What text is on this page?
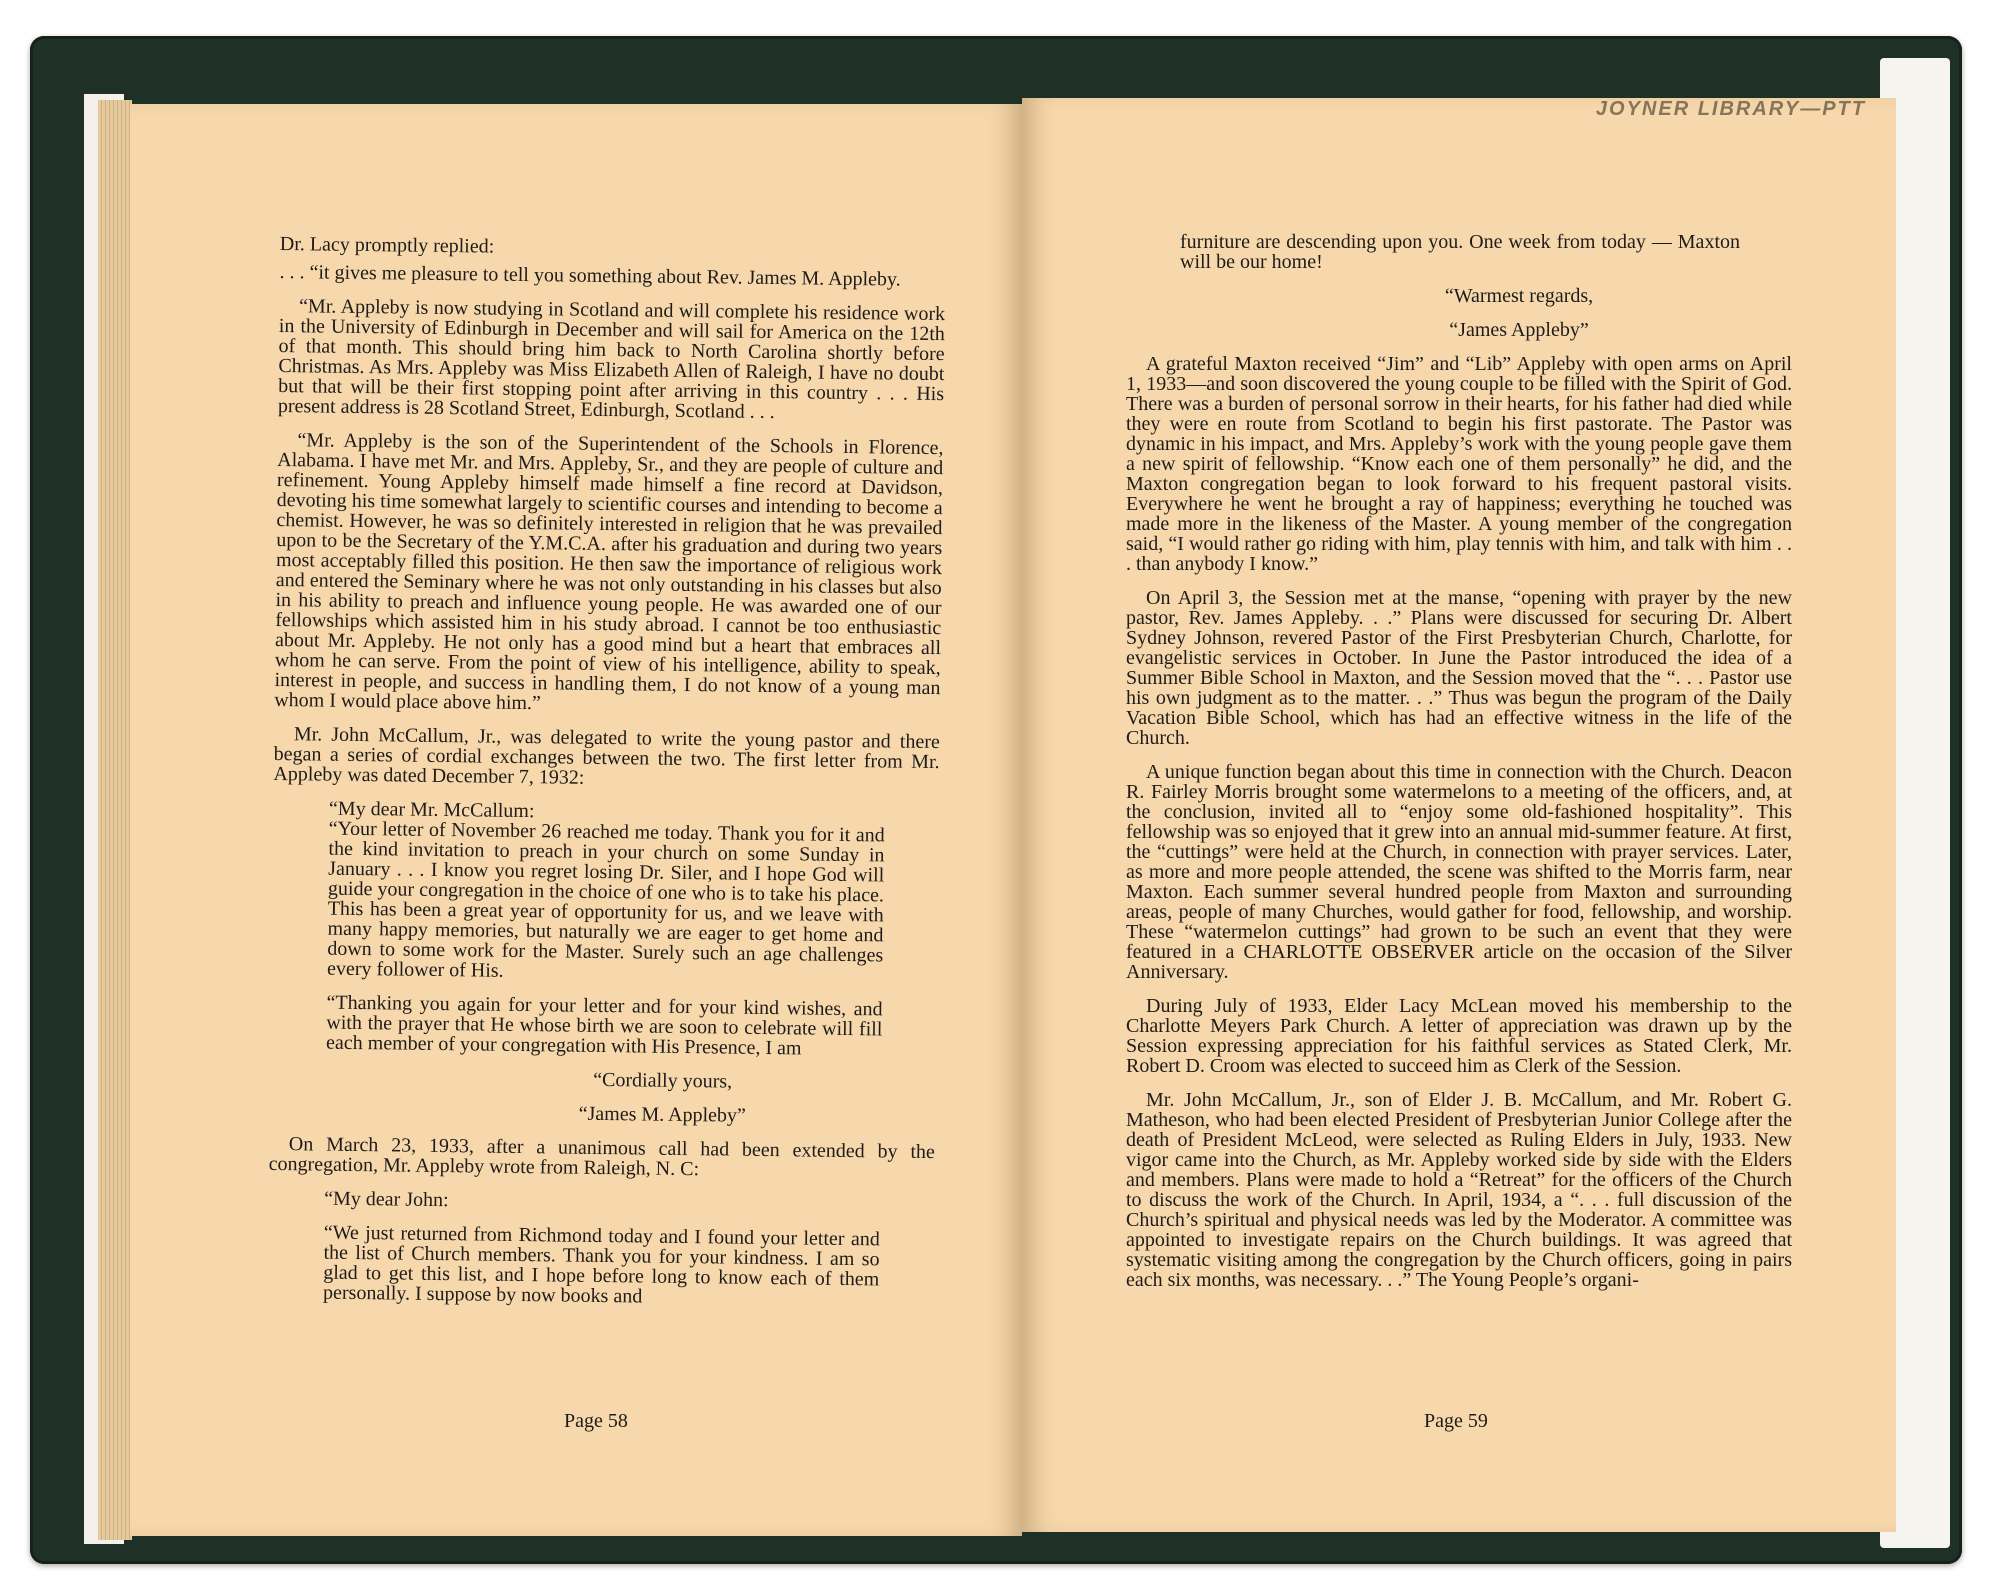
Dr. Lacy promptly replied:

. . . “it gives me pleasure to tell you something about Rev. James M. Appleby.

“Mr. Appleby is now studying in Scotland and will complete his residence work in the University of Edinburgh in December and will sail for America on the 12th of that month. This should bring him back to North Carolina shortly before Christmas. As Mrs. Appleby was Miss Elizabeth Allen of Raleigh, I have no doubt but that will be their first stopping point after arriving in this country . . . His present address is 28 Scotland Street, Edinburgh, Scotland . . .

“Mr. Appleby is the son of the Superintendent of the Schools in Florence, Alabama. I have met Mr. and Mrs. Appleby, Sr., and they are people of culture and refinement. Young Appleby himself made himself a fine record at Davidson, devoting his time somewhat largely to scientific courses and intending to become a chemist. However, he was so definitely interested in religion that he was prevailed upon to be the Secretary of the Y.M.C.A. after his graduation and during two years most acceptably filled this position. He then saw the importance of religious work and entered the Seminary where he was not only outstanding in his classes but also in his ability to preach and influence young people. He was awarded one of our fellowships which assisted him in his study abroad. I cannot be too enthusiastic about Mr. Appleby. He not only has a good mind but a heart that embraces all whom he can serve. From the point of view of his intelligence, ability to speak, interest in people, and success in handling them, I do not know of a young man whom I would place above him.”

Mr. John McCallum, Jr., was delegated to write the young pastor and there began a series of cordial exchanges between the two. The first letter from Mr. Appleby was dated December 7, 1932:

“My dear Mr. McCallum:

“Your letter of November 26 reached me today. Thank you for it and the kind invitation to preach in your church on some Sunday in January . . . I know you regret losing Dr. Siler, and I hope God will guide your congregation in the choice of one who is to take his place. This has been a great year of opportunity for us, and we leave with many happy memories, but naturally we are eager to get home and down to some work for the Master. Surely such an age challenges every follower of His.

“Thanking you again for your letter and for your kind wishes, and with the prayer that He whose birth we are soon to celebrate will fill each member of your congregation with His Presence, I am

“Cordially yours,

“James M. Appleby”

On March 23, 1933, after a unanimous call had been extended by the congregation, Mr. Appleby wrote from Raleigh, N. C:

“My dear John:

“We just returned from Richmond today and I found your letter and the list of Church members. Thank you for your kindness. I am so glad to get this list, and I hope before long to know each of them personally. I suppose by now books and

Page 58
JOYNER LIBRARY—PTT

furniture are descending upon you. One week from today — Maxton will be our home!

“Warmest regards,

“James Appleby”

A grateful Maxton received “Jim” and “Lib” Appleby with open arms on April 1, 1933—and soon discovered the young couple to be filled with the Spirit of God. There was a burden of personal sorrow in their hearts, for his father had died while they were en route from Scotland to begin his first pastorate. The Pastor was dynamic in his impact, and Mrs. Appleby’s work with the young people gave them a new spirit of fellowship. “Know each one of them personally” he did, and the Maxton congregation began to look forward to his frequent pastoral visits. Everywhere he went he brought a ray of happiness; everything he touched was made more in the likeness of the Master. A young member of the congregation said, “I would rather go riding with him, play tennis with him, and talk with him . . . than anybody I know.”

On April 3, the Session met at the manse, “opening with prayer by the new pastor, Rev. James Appleby. . .” Plans were discussed for securing Dr. Albert Sydney Johnson, revered Pastor of the First Presbyterian Church, Charlotte, for evangelistic services in October. In June the Pastor introduced the idea of a Summer Bible School in Maxton, and the Session moved that the “. . . Pastor use his own judgment as to the matter. . .” Thus was begun the program of the Daily Vacation Bible School, which has had an effective witness in the life of the Church.

A unique function began about this time in connection with the Church. Deacon R. Fairley Morris brought some watermelons to a meeting of the officers, and, at the conclusion, invited all to “enjoy some old-fashioned hospitality”. This fellowship was so enjoyed that it grew into an annual mid-summer feature. At first, the “cuttings” were held at the Church, in connection with prayer services. Later, as more and more people attended, the scene was shifted to the Morris farm, near Maxton. Each summer several hundred people from Maxton and surrounding areas, people of many Churches, would gather for food, fellowship, and worship. These “watermelon cuttings” had grown to be such an event that they were featured in a CHARLOTTE OBSERVER article on the occasion of the Silver Anniversary.

During July of 1933, Elder Lacy McLean moved his membership to the Charlotte Meyers Park Church. A letter of appreciation was drawn up by the Session expressing appreciation for his faithful services as Stated Clerk, Mr. Robert D. Croom was elected to succeed him as Clerk of the Session.

Mr. John McCallum, Jr., son of Elder J. B. McCallum, and Mr. Robert G. Matheson, who had been elected President of Presbyterian Junior College after the death of President McLeod, were selected as Ruling Elders in July, 1933. New vigor came into the Church, as Mr. Appleby worked side by side with the Elders and members. Plans were made to hold a “Retreat” for the officers of the Church to discuss the work of the Church. In April, 1934, a “. . . full discussion of the Church’s spiritual and physical needs was led by the Moderator. A committee was appointed to investigate repairs on the Church buildings. It was agreed that systematic visiting among the congregation by the Church officers, going in pairs each six months, was necessary. . .” The Young People’s organi-

Page 59
